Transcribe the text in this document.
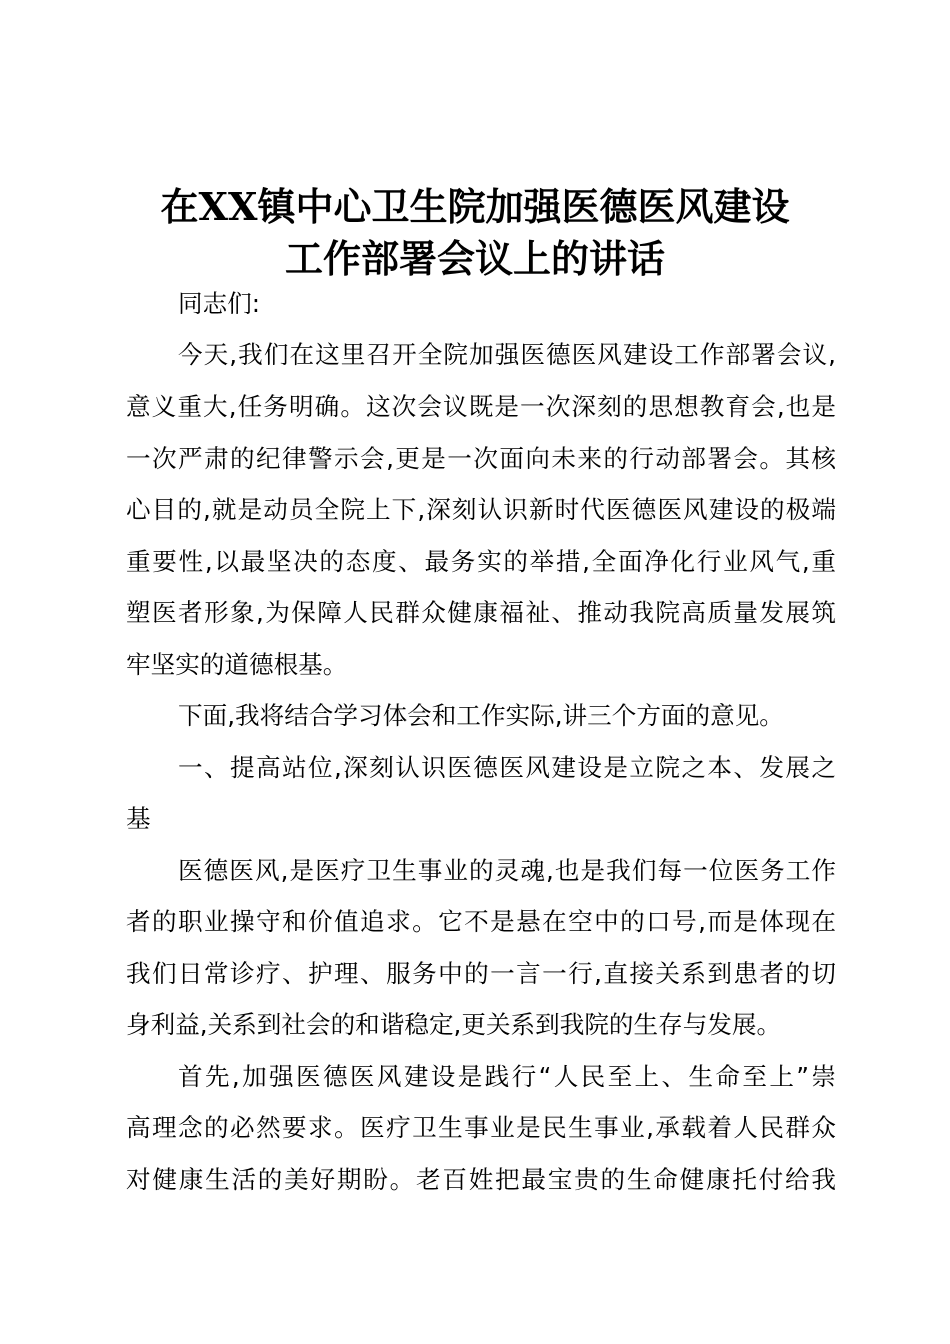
在XX镇中心卫生院加强医德医风建设
工作部署会议上的讲话
同志们:
今天,我们在这里召开全院加强医德医风建设工作部署会议,
意义重大,任务明确。这次会议既是一次深刻的思想教育会,也是
一次严肃的纪律警示会,更是一次面向未来的行动部署会。其核
心目的,就是动员全院上下,深刻认识新时代医德医风建设的极端
重要性,以最坚决的态度、最务实的举措,全面净化行业风气,重
塑医者形象,为保障人民群众健康福祉、推动我院高质量发展筑
牢坚实的道德根基。
下面,我将结合学习体会和工作实际,讲三个方面的意见。
一、提高站位,深刻认识医德医风建设是立院之本、发展之
基
医德医风,是医疗卫生事业的灵魂,也是我们每一位医务工作
者的职业操守和价值追求。它不是悬在空中的口号,而是体现在
我们日常诊疗、护理、服务中的一言一行,直接关系到患者的切
身利益,关系到社会的和谐稳定,更关系到我院的生存与发展。
首先,加强医德医风建设是践行“人民至上、生命至上”崇
高理念的必然要求。医疗卫生事业是民生事业,承载着人民群众
对健康生活的美好期盼。老百姓把最宝贵的生命健康托付给我
